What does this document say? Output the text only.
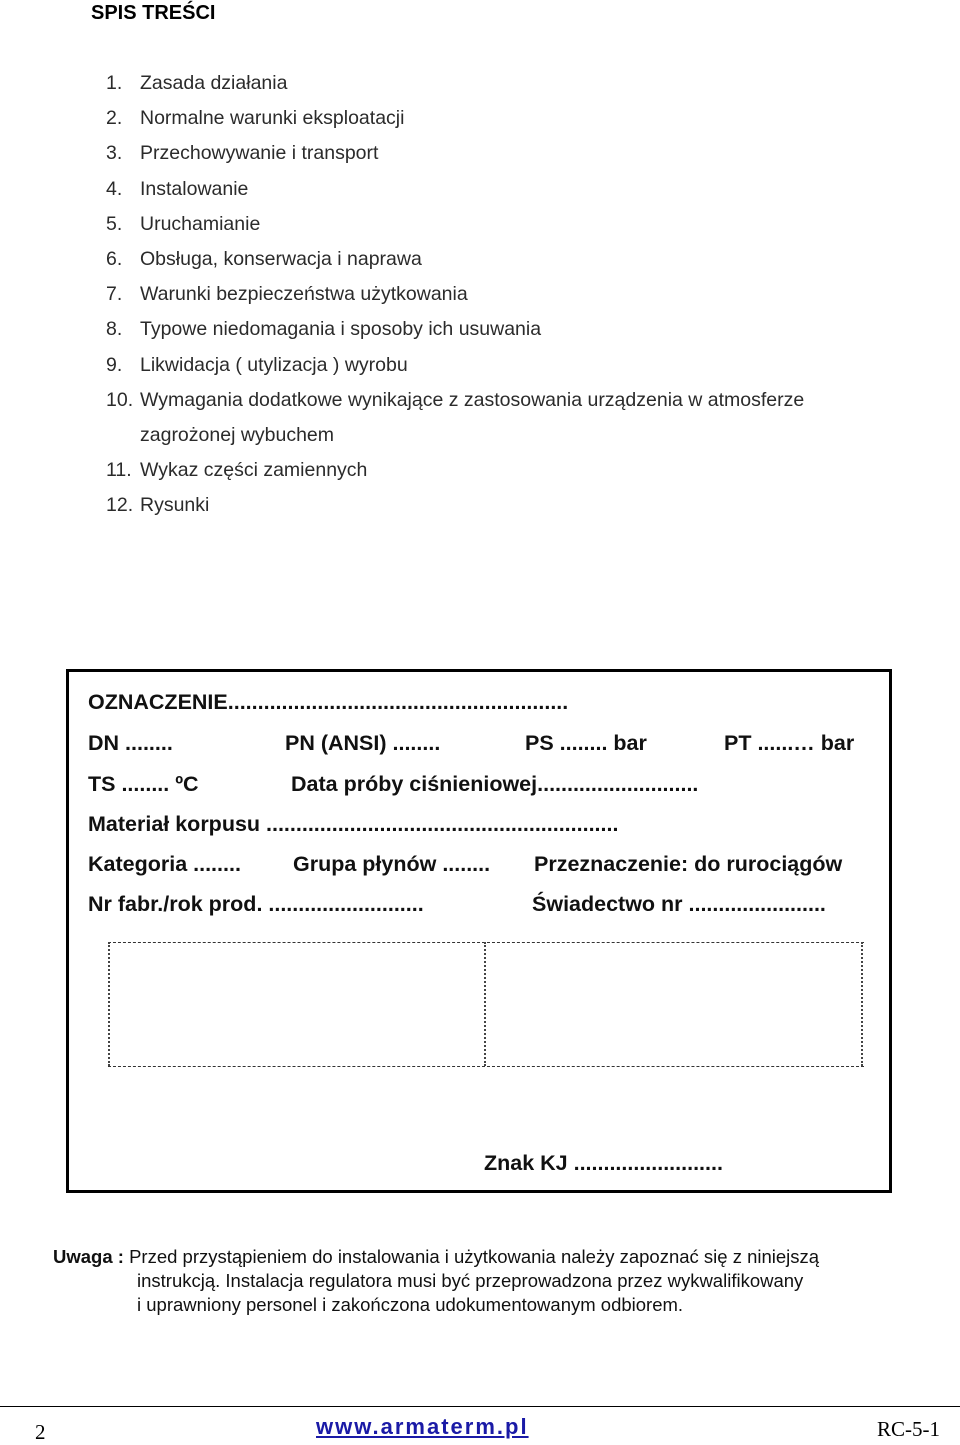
SPIS TREŚCI
1. Zasada działania
2. Normalne warunki eksploatacji
3. Przechowywanie i transport
4. Instalowanie
5. Uruchamianie
6. Obsługa, konserwacja i naprawa
7. Warunki bezpieczeństwa użytkowania
8. Typowe niedomagania i sposoby ich usuwania
9. Likwidacja ( utylizacja ) wyrobu
10. Wymagania dodatkowe wynikające z zastosowania urządzenia w atmosferze
zagrożonej wybuchem
11. Wykaz części zamiennych
12. Rysunki
OZNACZENIE.........................................................
DN ........	PN (ANSI) ........	PS ........ bar	PT ......… bar
TS ........ ºC	Data próby ciśnieniowej...........................
Materiał korpusu ...........................................................
Kategoria ........ Grupa płynów ........ Przeznaczenie: do rurociągów
Nr fabr./rok prod. ..........................	Świadectwo nr .......................
Znak KJ .........................
Uwaga : Przed przystąpieniem do instalowania i użytkowania należy zapoznać się z niniejszą
instrukcją. Instalacja regulatora musi być przeprowadzona przez wykwalifikowany
i uprawniony personel i zakończona udokumentowanym odbiorem.
2	www.armaterm.pl	RC-5-1
